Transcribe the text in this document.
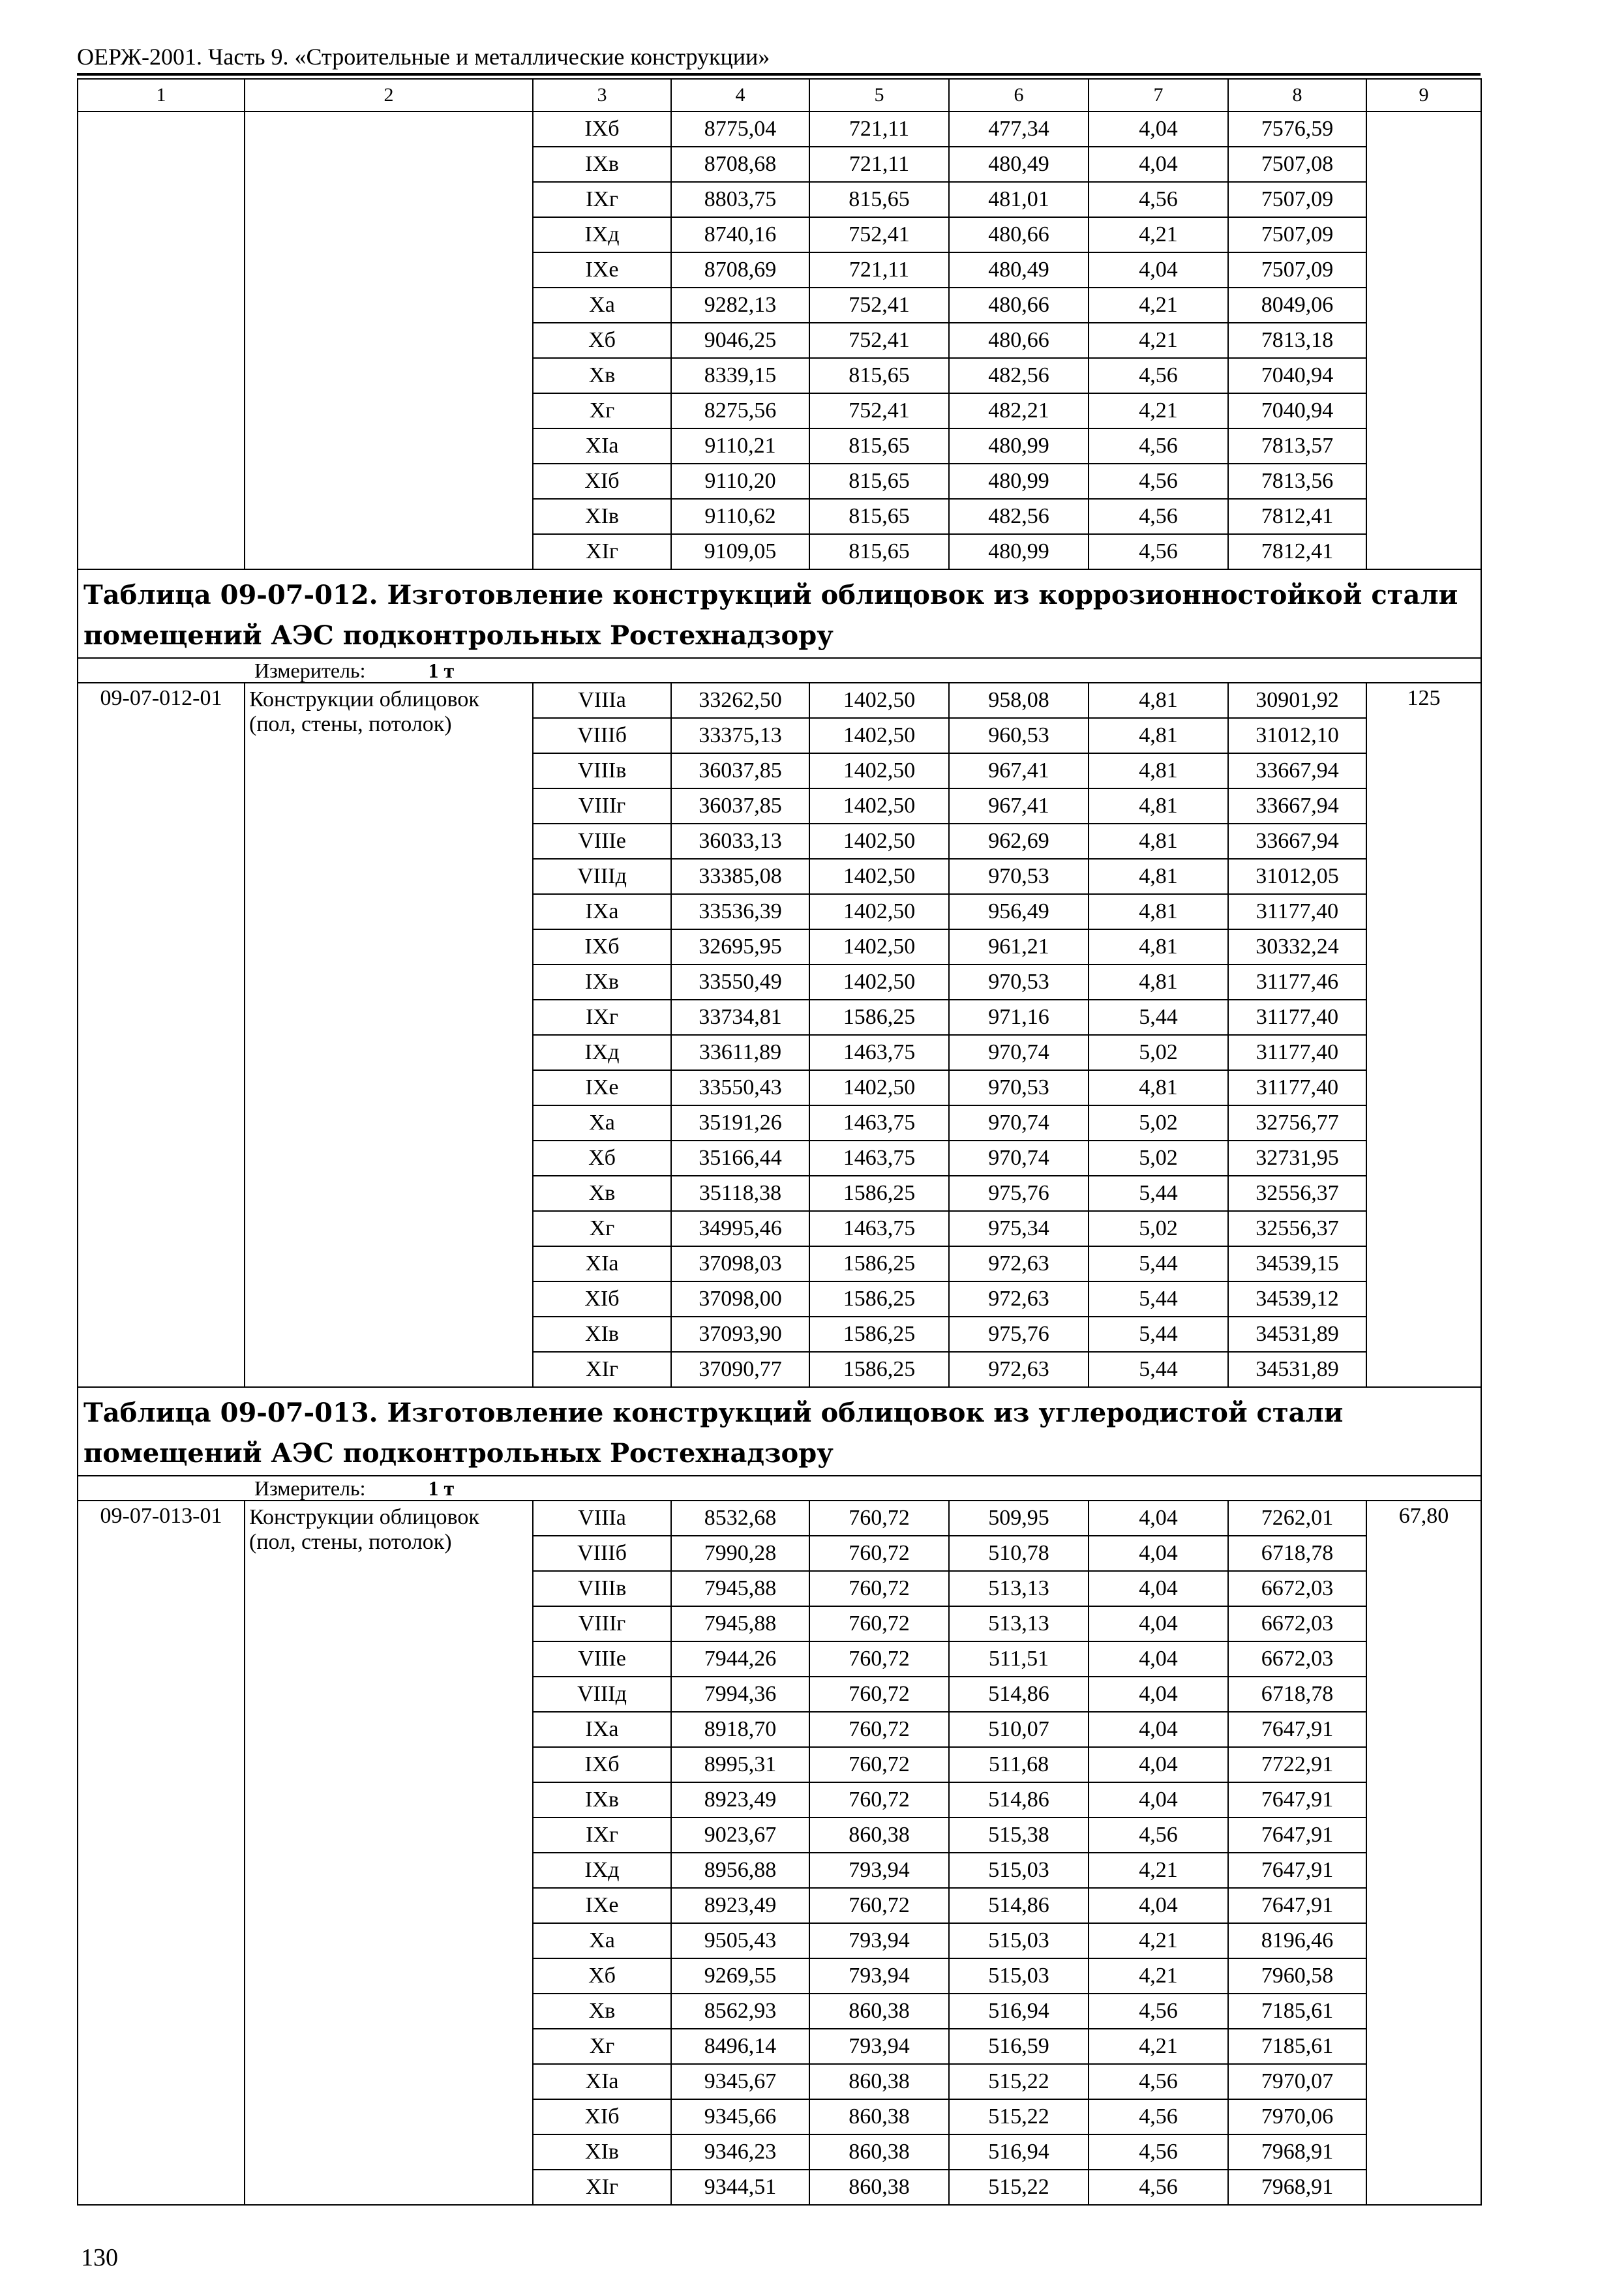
ОЕРЖ-2001. Часть 9. «Строительные и металлические конструкции»
1	2	3	4	5	6	7	8	9
		IXб	8775,04	721,11	477,34	4,04	7576,59	
		IXв	8708,68	721,11	480,49	4,04	7507,08	
		IXг	8803,75	815,65	481,01	4,56	7507,09	
		IXд	8740,16	752,41	480,66	4,21	7507,09	
		IXе	8708,69	721,11	480,49	4,04	7507,09	
		Xа	9282,13	752,41	480,66	4,21	8049,06	
		Xб	9046,25	752,41	480,66	4,21	7813,18	
		Xв	8339,15	815,65	482,56	4,56	7040,94	
		Xг	8275,56	752,41	482,21	4,21	7040,94	
		XIа	9110,21	815,65	480,99	4,56	7813,57	
		XIб	9110,20	815,65	480,99	4,56	7813,56	
		XIв	9110,62	815,65	482,56	4,56	7812,41	
		XIг	9109,05	815,65	480,99	4,56	7812,41	
Таблица 09-07-012. Изготовление конструкций облицовок из коррозионностойкой стали помещений АЭС подконтрольных Ростехнадзору								
Измеритель: 1 т								
09-07-012-01	Конструкции облицовок (пол, стены, потолок)	VIIIа	33262,50	1402,50	958,08	4,81	30901,92	125
		VIIIб	33375,13	1402,50	960,53	4,81	31012,10	
		VIIIв	36037,85	1402,50	967,41	4,81	33667,94	
		VIIIг	36037,85	1402,50	967,41	4,81	33667,94	
		VIIIе	36033,13	1402,50	962,69	4,81	33667,94	
		VIIIд	33385,08	1402,50	970,53	4,81	31012,05	
		IXа	33536,39	1402,50	956,49	4,81	31177,40	
		IXб	32695,95	1402,50	961,21	4,81	30332,24	
		IXв	33550,49	1402,50	970,53	4,81	31177,46	
		IXг	33734,81	1586,25	971,16	5,44	31177,40	
		IXд	33611,89	1463,75	970,74	5,02	31177,40	
		IXе	33550,43	1402,50	970,53	4,81	31177,40	
		Xа	35191,26	1463,75	970,74	5,02	32756,77	
		Xб	35166,44	1463,75	970,74	5,02	32731,95	
		Xв	35118,38	1586,25	975,76	5,44	32556,37	
		Xг	34995,46	1463,75	975,34	5,02	32556,37	
		XIа	37098,03	1586,25	972,63	5,44	34539,15	
		XIб	37098,00	1586,25	972,63	5,44	34539,12	
		XIв	37093,90	1586,25	975,76	5,44	34531,89	
		XIг	37090,77	1586,25	972,63	5,44	34531,89	
Таблица 09-07-013. Изготовление конструкций облицовок из углеродистой стали помещений АЭС подконтрольных Ростехнадзору								
Измеритель: 1 т								
09-07-013-01	Конструкции облицовок (пол, стены, потолок)	VIIIа	8532,68	760,72	509,95	4,04	7262,01	67,80
		VIIIб	7990,28	760,72	510,78	4,04	6718,78	
		VIIIв	7945,88	760,72	513,13	4,04	6672,03	
		VIIIг	7945,88	760,72	513,13	4,04	6672,03	
		VIIIе	7944,26	760,72	511,51	4,04	6672,03	
		VIIIд	7994,36	760,72	514,86	4,04	6718,78	
		IXа	8918,70	760,72	510,07	4,04	7647,91	
		IXб	8995,31	760,72	511,68	4,04	7722,91	
		IXв	8923,49	760,72	514,86	4,04	7647,91	
		IXг	9023,67	860,38	515,38	4,56	7647,91	
		IXд	8956,88	793,94	515,03	4,21	7647,91	
		IXе	8923,49	760,72	514,86	4,04	7647,91	
		Xа	9505,43	793,94	515,03	4,21	8196,46	
		Xб	9269,55	793,94	515,03	4,21	7960,58	
		Xв	8562,93	860,38	516,94	4,56	7185,61	
		Xг	8496,14	793,94	516,59	4,21	7185,61	
		XIа	9345,67	860,38	515,22	4,56	7970,07	
		XIб	9345,66	860,38	515,22	4,56	7970,06	
		XIв	9346,23	860,38	516,94	4,56	7968,91	
		XIг	9344,51	860,38	515,22	4,56	7968,91	
130
